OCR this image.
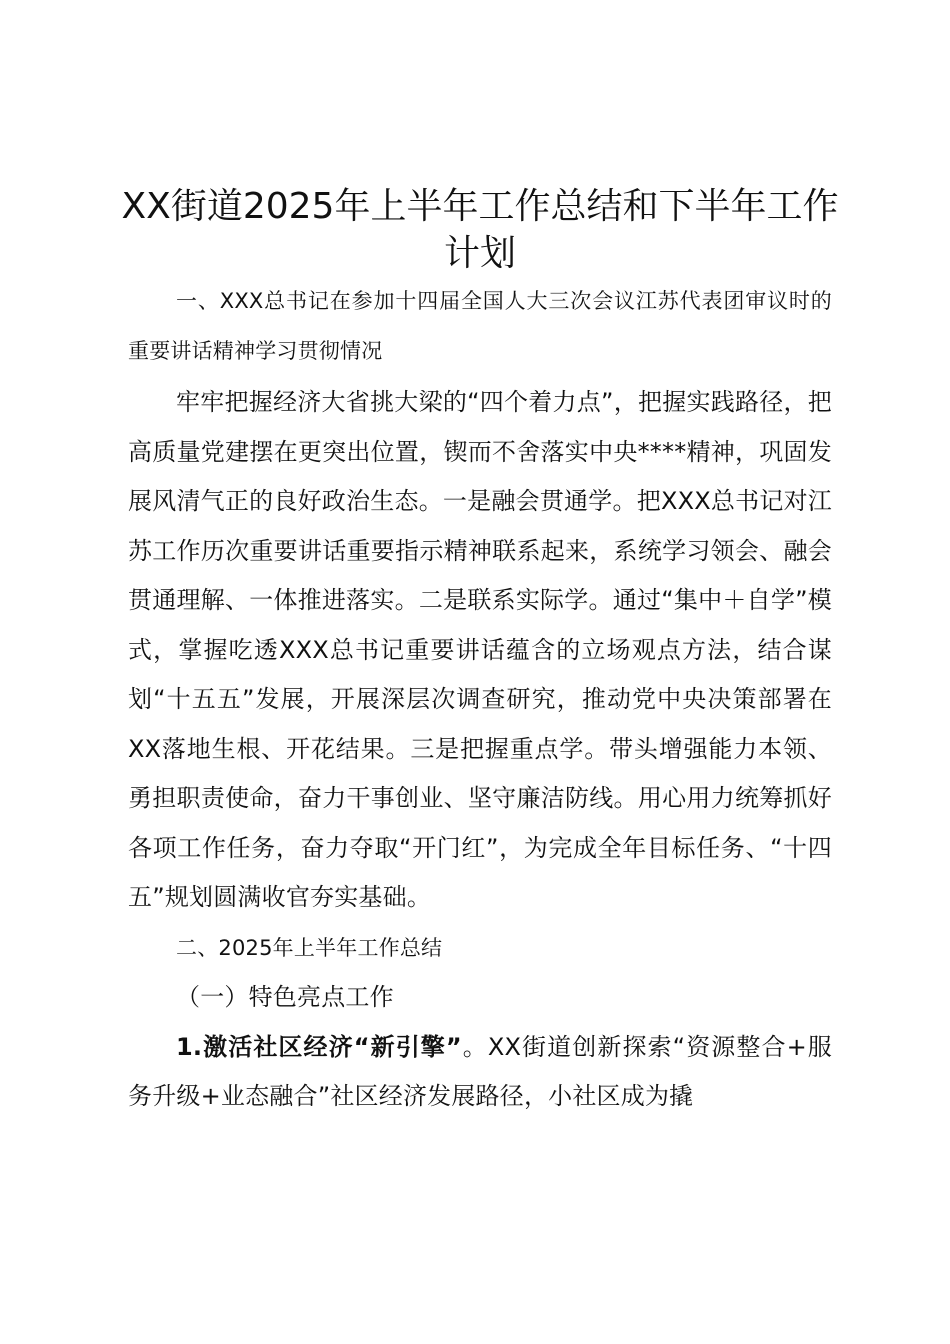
XX街道2025年上半年工作总结和下半年工作计划

一、XXX总书记在参加十四届全国人大三次会议江苏代表团审议时的重要讲话精神学习贯彻情况

牢牢把握经济大省挑大梁的“四个着力点”，把握实践路径，把高质量党建摆在更突出位置，锲而不舍落实中央****精神，巩固发展风清气正的良好政治生态。一是融会贯通学。把XXX总书记对江苏工作历次重要讲话重要指示精神联系起来，系统学习领会、融会贯通理解、一体推进落实。二是联系实际学。通过“集中＋自学”模式，掌握吃透XXX总书记重要讲话蕴含的立场观点方法，结合谋划“十五五”发展，开展深层次调查研究，推动党中央决策部署在XX落地生根、开花结果。三是把握重点学。带头增强能力本领、勇担职责使命，奋力干事创业、坚守廉洁防线。用心用力统筹抓好各项工作任务，奋力夺取“开门红”，为完成全年目标任务、“十四五”规划圆满收官夯实基础。

二、2025年上半年工作总结

（一）特色亮点工作

1.激活社区经济“新引擎”。XX街道创新探索“资源整合+服务升级+业态融合”社区经济发展路径，小社区成为撬
